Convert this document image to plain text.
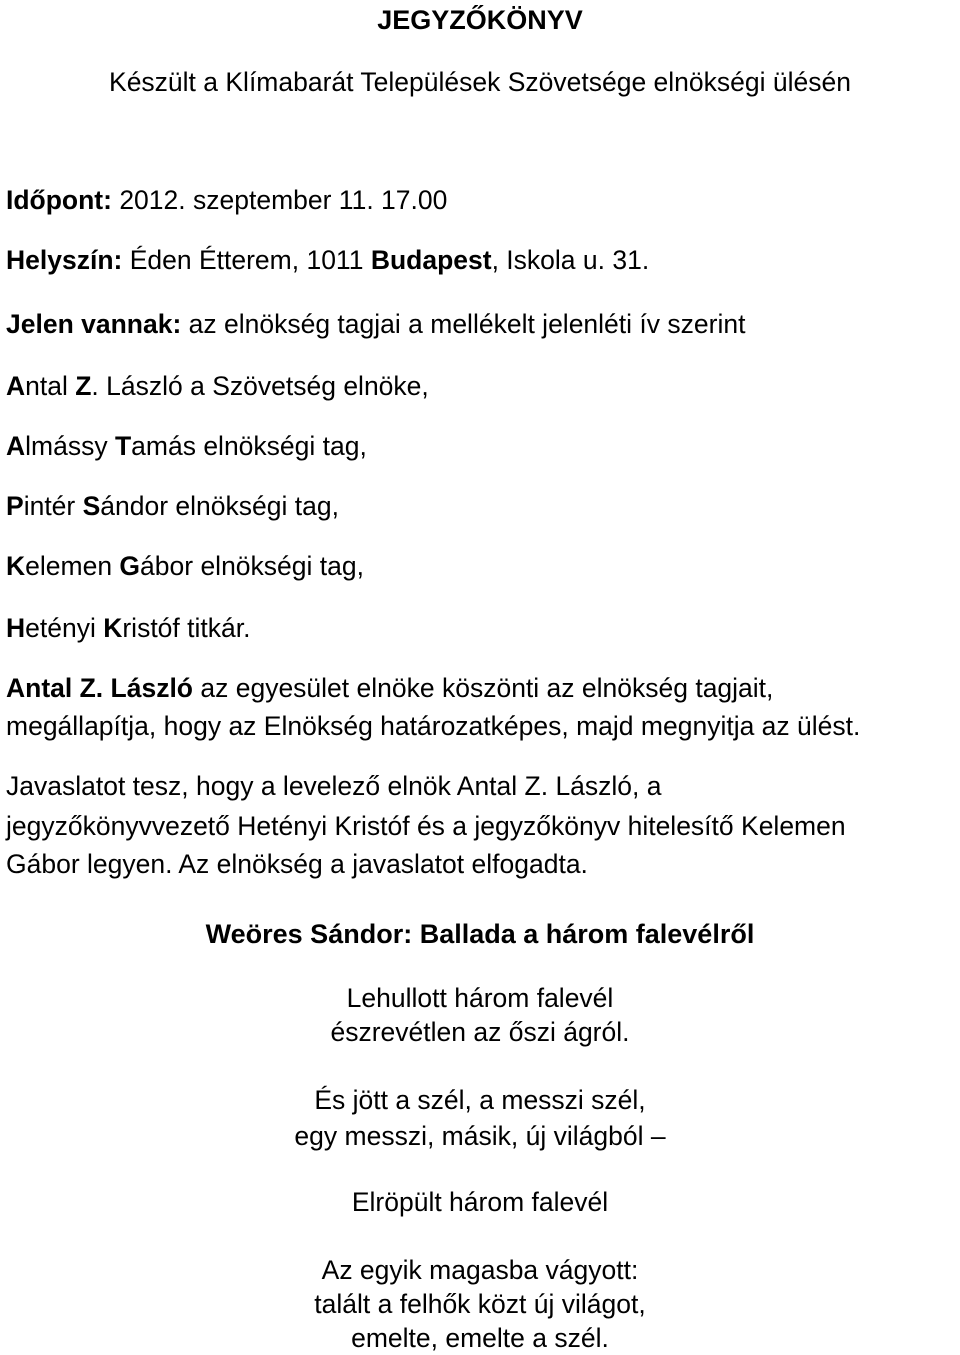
JEGYZŐKÖNYV
Készült a Klímabarát Települések Szövetsége elnökségi ülésén
Időpont: 2012. szeptember 11. 17.00
Helyszín: Éden Étterem, 1011 Budapest, Iskola u. 31.
Jelen vannak: az elnökség tagjai a mellékelt jelenléti ív szerint
Antal Z. László a Szövetség elnöke,
Almássy Tamás elnökségi tag,
Pintér Sándor elnökségi tag,
Kelemen Gábor elnökségi tag,
Hetényi Kristóf titkár.
Antal Z. László az egyesület elnöke köszönti az elnökség tagjait,
megállapítja, hogy az Elnökség határozatképes, majd megnyitja az ülést.
Javaslatot tesz, hogy a levelező elnök Antal Z. László, a
jegyzőkönyvvezető Hetényi Kristóf és a jegyzőkönyv hitelesítő Kelemen
Gábor legyen. Az elnökség a javaslatot elfogadta.
Weöres Sándor: Ballada a három falevélről
Lehullott három falevél
észrevétlen az őszi ágról.
És jött a szél, a messzi szél,
egy messzi, másik, új világból –
Elröpült három falevél
Az egyik magasba vágyott:
talált a felhők közt új világot,
emelte, emelte a szél.
